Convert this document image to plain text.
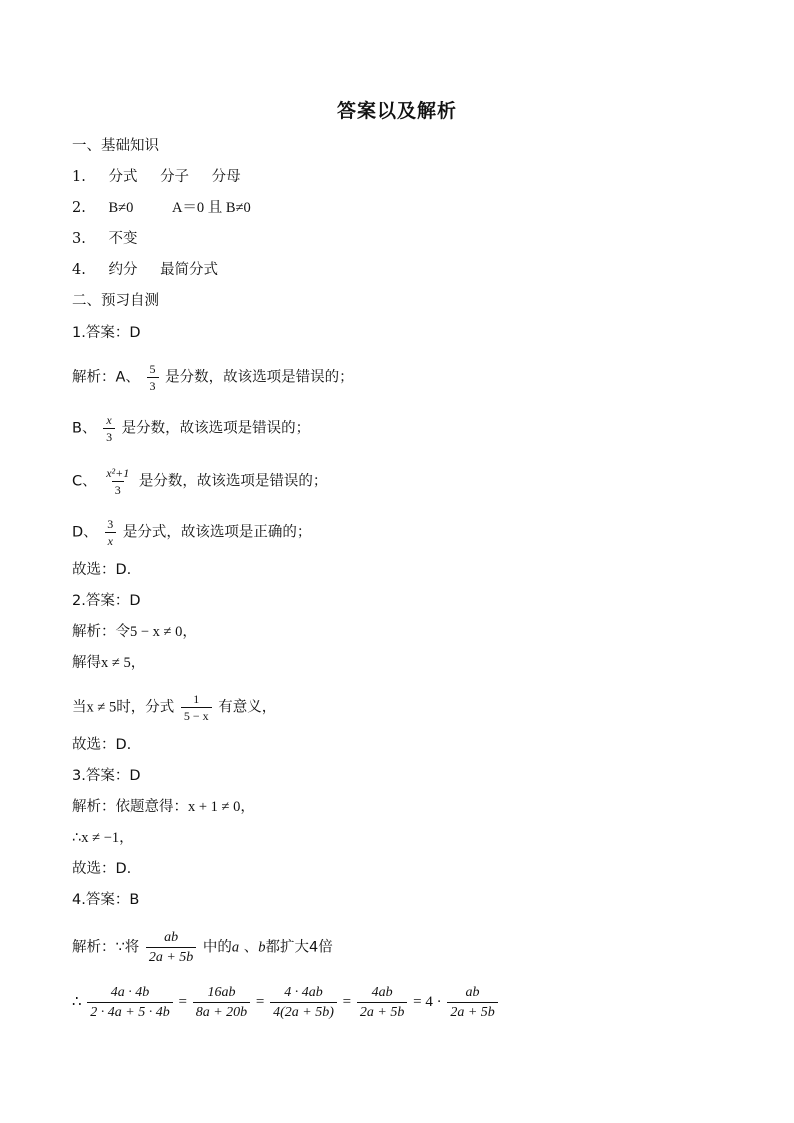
答案以及解析
一、基础知识
1. 分式 分子 分母
2. B≠0	A＝0 且 B≠0
3. 不变
4. 约分 最简分式
二、预习自测
1.答案：D
解析：A、 $\frac{5}{3}$ 是分数，故该选项是错误的；
B、 $\frac{x}{3}$ 是分数，故该选项是错误的；
C、 $\frac{\text{x²+1}}{3}$ 是分数，故该选项是错误的；
D、 $\frac{3}{x}$ 是分式，故该选项是正确的；
故选：D.
2.答案：D
解析：令5 − x ≠ 0，
解得x ≠ 5，
当x ≠ 5时，分式 $\frac{1}{5 - x}$ 有意义，
故选：D.
3.答案：D
解析：依题意得：x + 1 ≠ 0，
∴x ≠ −1，
故选：D.
4.答案：B
解析：∵将 $\frac{ab}{2a + 5b}$ 中的a 、b都扩大4倍
∴ $\frac{4a \cdot 4b}{2 \cdot 4a + 5 \cdot 4b} = \frac{16ab}{8a + 20b} = \frac{4 \cdot 4ab}{4(2a + 5b)} = \frac{4ab}{2a + 5b} = 4 \cdot \frac{ab}{2a + 5b}$
